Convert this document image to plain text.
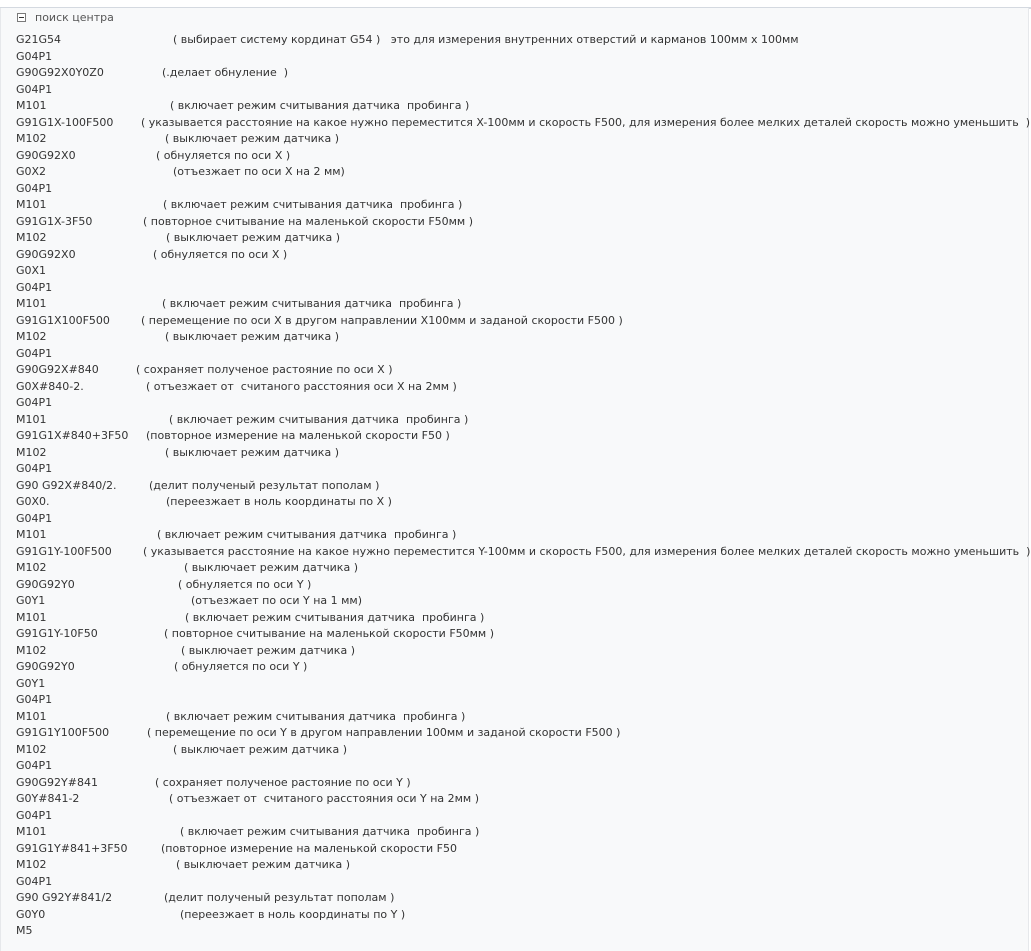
поиск центра
G21G54	( выбирает систему кординат G54 )   это для измерения внутренних отверстий и карманов 100мм х 100мм
G04P1
G90G92X0Y0Z0	(.делает обнуление  )
G04P1
M101	( включает режим считывания датчика  пробинга )
G91G1X-100F500	( указывается расстояние на какое нужно переместится X-100мм и скорость F500, для измерения более мелких деталей скорость можно уменьшить  )
M102	( выключает режим датчика )
G90G92X0	( обнуляется по оси Х )
G0X2	(отъезжает по оси Х на 2 мм)
G04P1
M101	( включает режим считывания датчика  пробинга )
G91G1X-3F50	( повторное считывание на маленькой скорости F50мм )
M102	( выключает режим датчика )
G90G92X0	( обнуляется по оси Х )
G0X1
G04P1
M101	( включает режим считывания датчика  пробинга )
G91G1X100F500	( перемещение по оси Х в другом направлении Х100мм и заданой скорости F500 )
M102	( выключает режим датчика )
G04P1
G90G92X#840	( сохраняет полученое растояние по оси Х )
G0X#840-2.	( отъезжает от  считаного расстояния оси Х на 2мм )
G04P1
M101	( включает режим считывания датчика  пробинга )
G91G1X#840+3F50 (повторное измерение на маленькой скорости F50 )
M102	( выключает режим датчика )
G04P1
G90 G92X#840/2.	(делит полученый результат пополам )
G0X0.	(переезжает в ноль координаты по Х )
G04P1
M101	( включает режим считывания датчика  пробинга )
G91G1Y-100F500	( указывается расстояние на какое нужно переместится Y-100мм и скорость F500, для измерения более мелких деталей скорость можно уменьшить  )
M102	( выключает режим датчика )
G90G92Y0	( обнуляется по оси Y )
G0Y1	(отъезжает по оси Y на 1 мм)
M101	( включает режим считывания датчика  пробинга )
G91G1Y-10F50	( повторное считывание на маленькой скорости F50мм )
M102	( выключает режим датчика )
G90G92Y0	( обнуляется по оси Y )
G0Y1
G04P1
M101	( включает режим считывания датчика  пробинга )
G91G1Y100F500	( перемещение по оси Y в другом направлении 100мм и заданой скорости F500 )
M102	( выключает режим датчика )
G04P1
G90G92Y#841	( сохраняет полученое растояние по оси Y )
G0Y#841-2	( отъезжает от  считаного расстояния оси Y на 2мм )
G04P1
M101	( включает режим считывания датчика  пробинга )
G91G1Y#841+3F50	(повторное измерение на маленькой скорости F50
M102	( выключает режим датчика )
G04P1
G90 G92Y#841/2	(делит полученый результат пополам )
G0Y0	(переезжает в ноль координаты по Y )
M5
